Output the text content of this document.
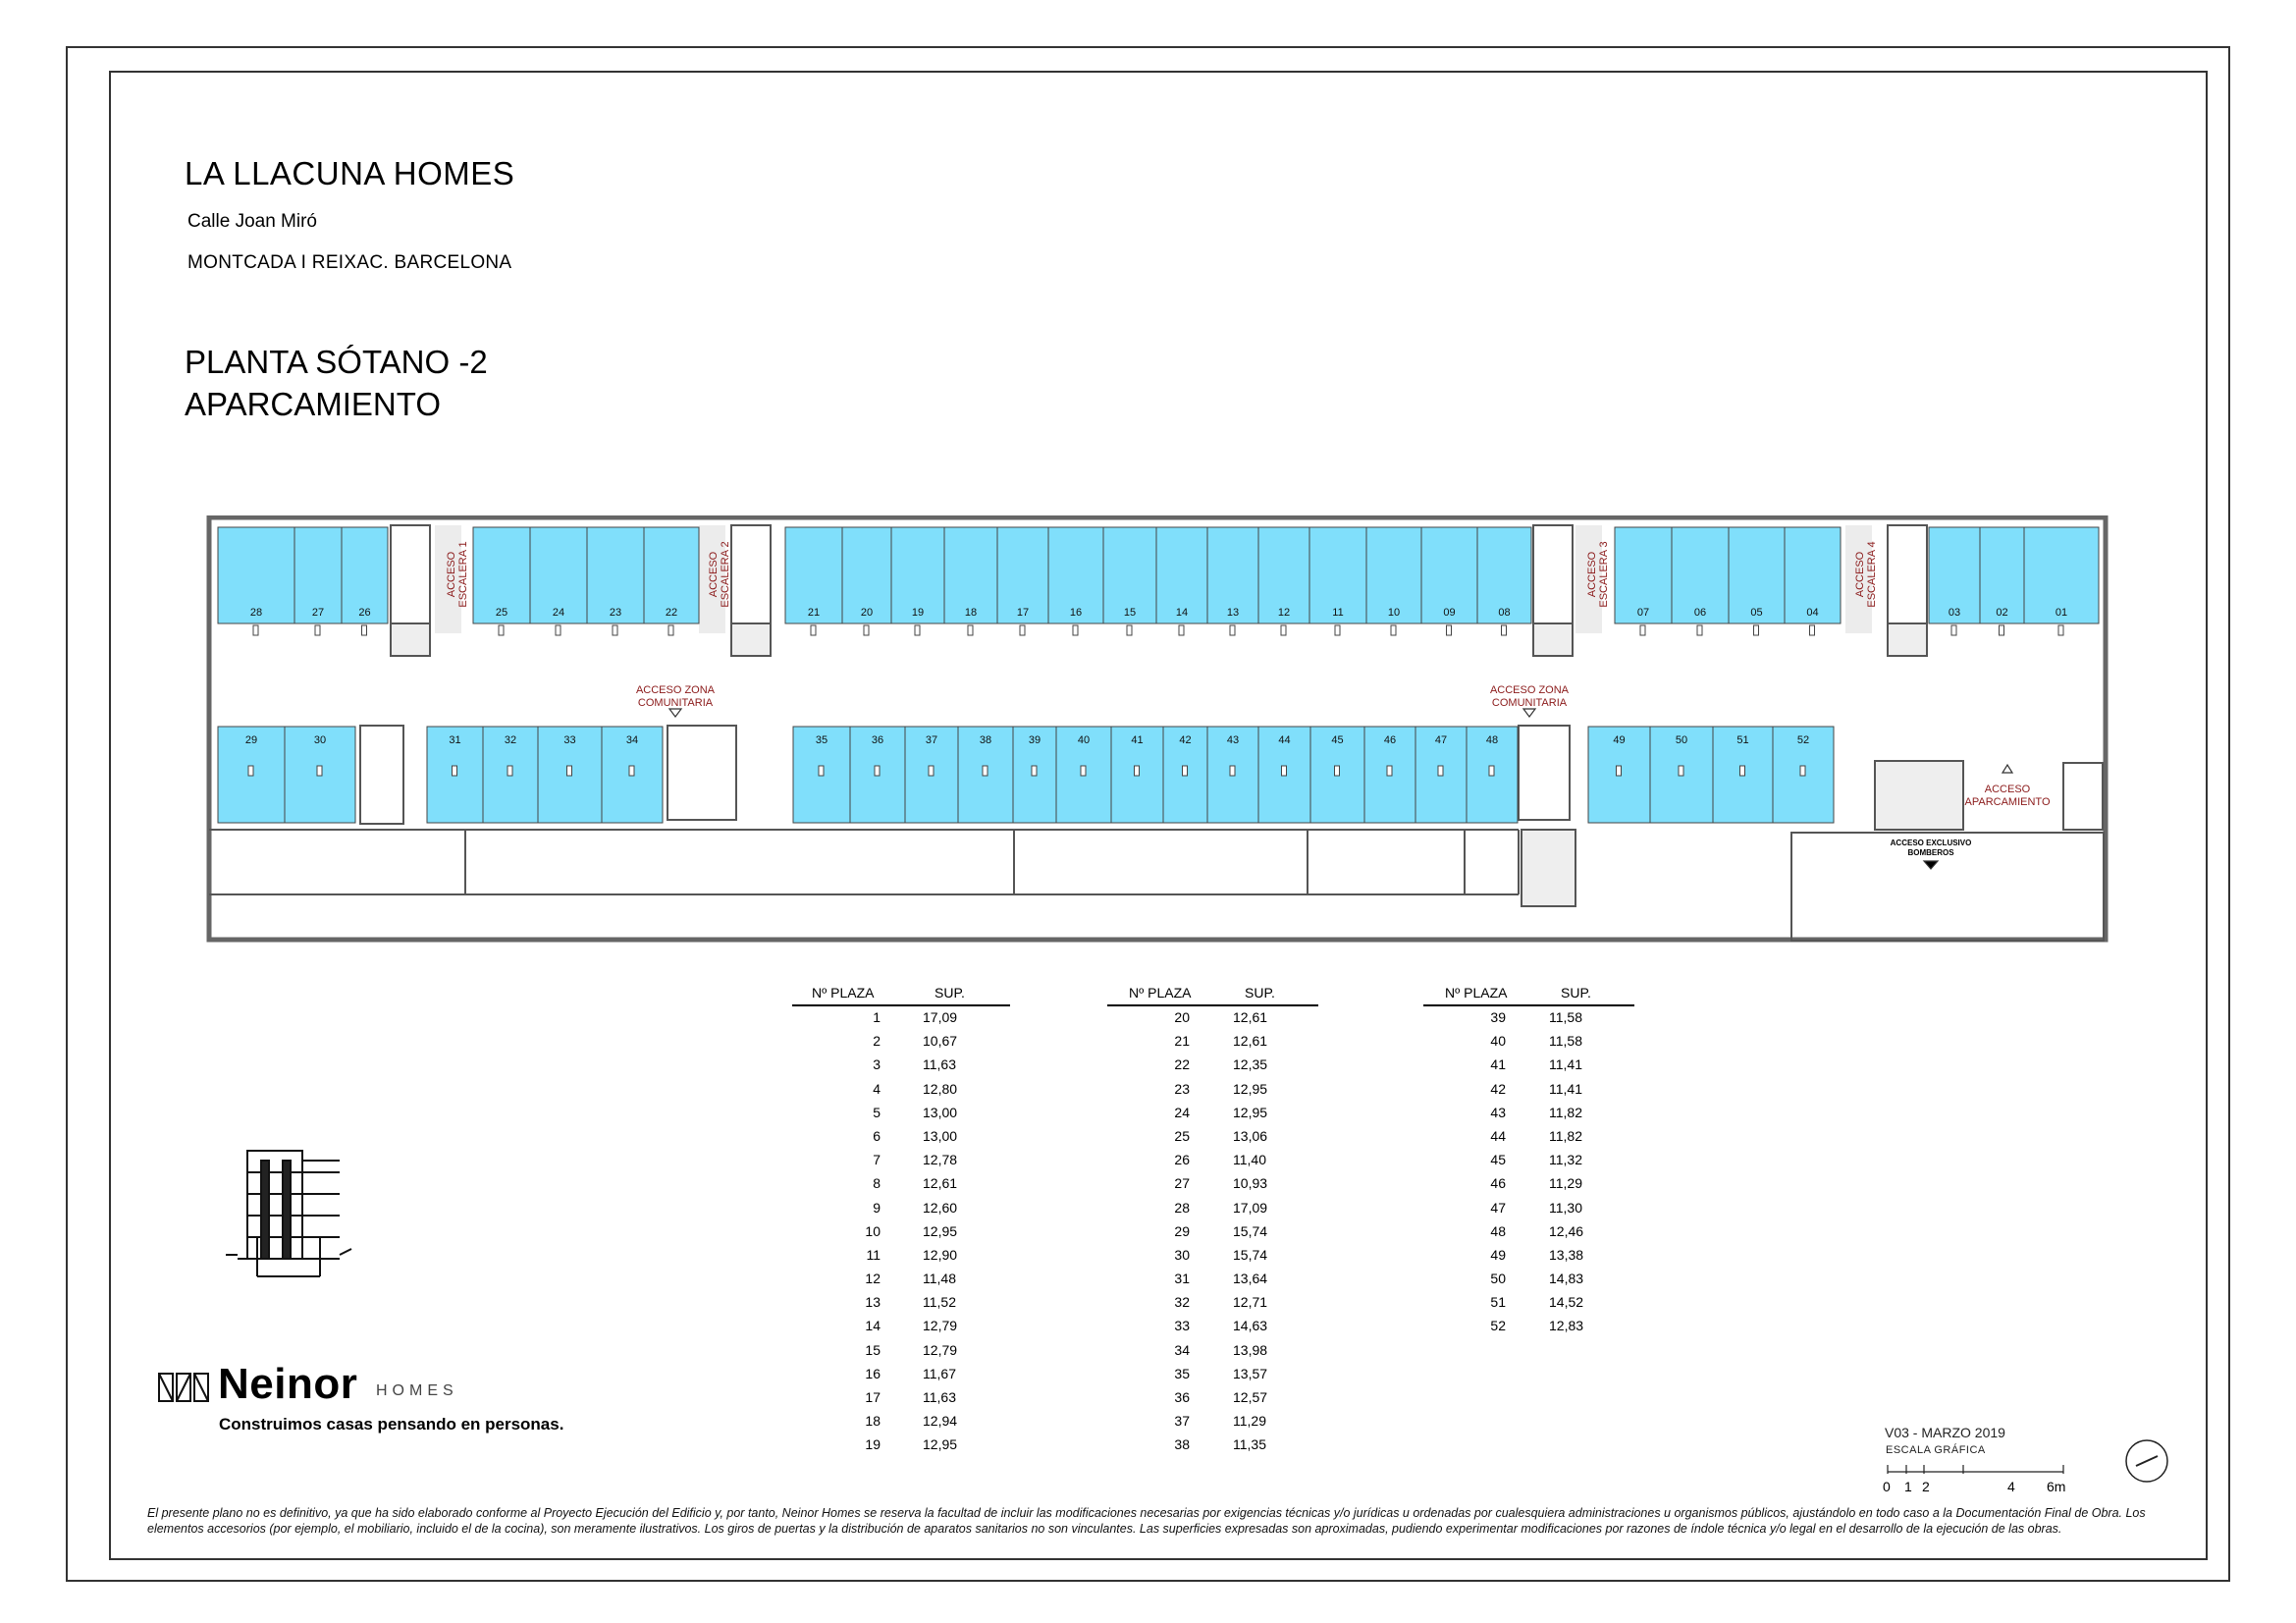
LA LLACUNA HOMES
Calle Joan Miró
MONTCADA I REIXAC. BARCELONA
PLANTA SÓTANO -2
APARCAMIENTO
28	27	26	25	24	23	22	21	20	19	18	17	16	15	14	13	12	11	10	09	08	07	06	05	04	03	02	01
29	30	31	32	33	34	35	36	37	38	39	40	41	42	43	44	45	46	47	48	49	50	51	52
ACCESO ESCALERA 1	ACCESO ESCALERA 2	ACCESO ESCALERA 3	ACCESO ESCALERA 4
ACCESO ZONA
COMUNITARIA
ACCESO ZONA
COMUNITARIA
ACCESO
APARCAMIENTO
ACCESO EXCLUSIVO
BOMBEROS
Nº PLAZA	SUP.
1	17,09
2	10,67
3	11,63
4	12,80
5	13,00
6	13,00
7	12,78
8	12,61
9	12,60
10	12,95
11	12,90
12	11,48
13	11,52
14	12,79
15	12,79
16	11,67
17	11,63
18	12,94
19	12,95
Nº PLAZA	SUP.
20	12,61
21	12,61
22	12,35
23	12,95
24	12,95
25	13,06
26	11,40
27	10,93
28	17,09
29	15,74
30	15,74
31	13,64
32	12,71
33	14,63
34	13,98
35	13,57
36	12,57
37	11,29
38	11,35
Nº PLAZA	SUP.
39	11,58
40	11,58
41	11,41
42	11,41
43	11,82
44	11,82
45	11,32
46	11,29
47	11,30
48	12,46
49	13,38
50	14,83
51	14,52
52	12,83
Neinor HOMES
Construimos casas pensando en personas.	V03 - MARZO 2019
ESCALA GRÁFICA
0 1 2	4 6m
El presente plano no es definitivo, ya que ha sido elaborado conforme al Proyecto Ejecución del Edificio y, por tanto, Neinor Homes se reserva la facultad de incluir las modificaciones necesarias por exigencias técnicas y/o jurídicas u ordenadas por cualesquiera administraciones u organismos públicos, ajustándolo en todo caso a la Documentación Final de Obra. Los elementos accesorios (por ejemplo, el mobiliario, incluido el de la cocina), son meramente ilustrativos. Los giros de puertas y la distribución de aparatos sanitarios no son vinculantes. Las superficies expresadas son aproximadas, pudiendo experimentar modificaciones por razones de índole técnica y/o legal en el desarrollo de la ejecución de las obras.
